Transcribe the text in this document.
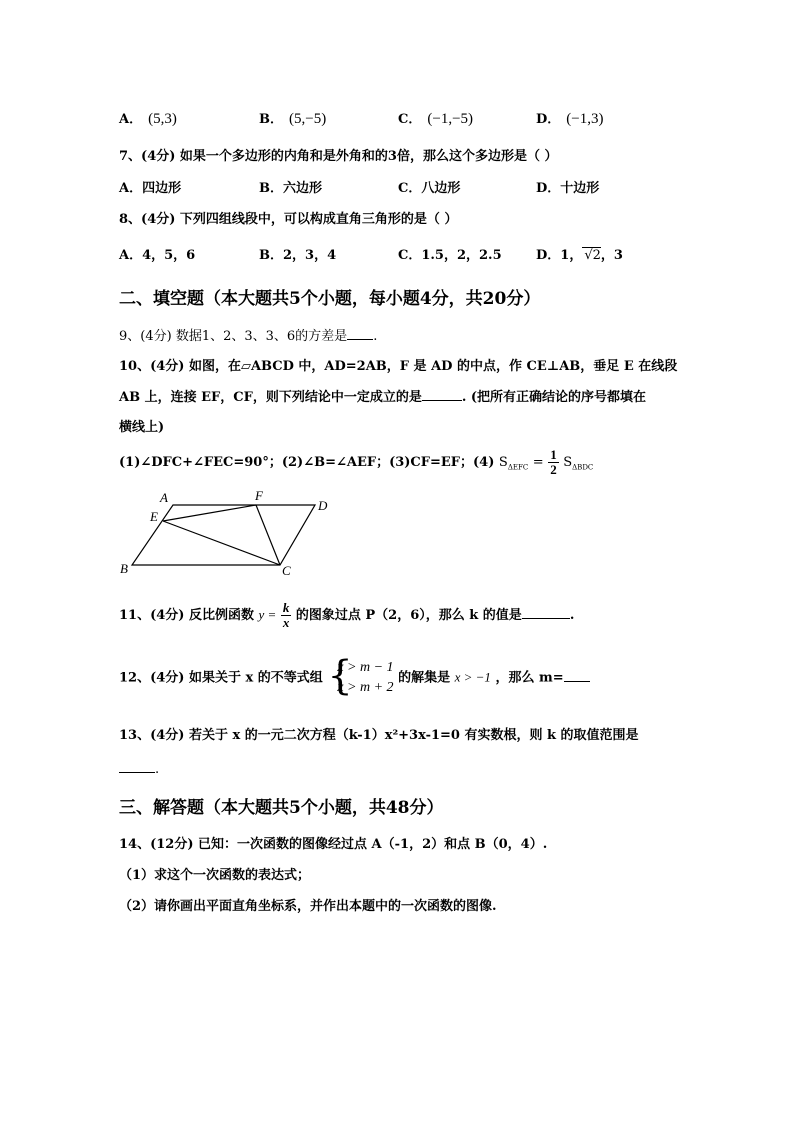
A． (5,3)	B． (5,−5)	C． (−1,−5)	D． (−1,3)
7、(4分) 如果一个多边形的内角和是外角和的3倍，那么这个多边形是（ ）
A．四边形	B．六边形	C．八边形	D．十边形
8、(4分) 下列四组线段中，可以构成直角三角形的是（ ）
A．4，5，6	B．2，3，4	C．1.5，2，2.5	D．1， √2，3
二、填空题（本大题共5个小题，每小题4分，共20分）
9、(4分) 数据1、2、3、3、6的方差是 .
10、(4分) 如图，在▱ABCD 中，AD=2AB，F 是 AD 的中点，作 CE⊥AB，垂足 E 在线段
AB 上，连接 EF，CF，则下列结论中一定成立的是	. (把所有正确结论的序号都填在
横线上)
(1)∠DFC+∠FEC=90°；(2)∠B=∠AEF；(3)CF=EF；(4) $S_{\Delta EFC} = \frac{1}{2} S_{\Delta BDC}$
A
E
F
D
B	C
11、(4分) 反比例函数 $y = \frac{k}{x}$ 的图象过点 P（2，6），那么 k 的值是	.
12、(4分) 如果关于 x 的不等式组 {
x > m − 1
x > m + 2
的解集是 x > −1 ，那么 m=
13、(4分) 若关于 x 的一元二次方程（k-1）x²+3x-1=0 有实数根，则 k 的取值范围是
.
三、解答题（本大题共5个小题，共48分）
14、(12分) 已知：一次函数的图像经过点 A（-1，2）和点 B（0，4）.
（1）求这个一次函数的表达式；
（2）请你画出平面直角坐标系，并作出本题中的一次函数的图像.
